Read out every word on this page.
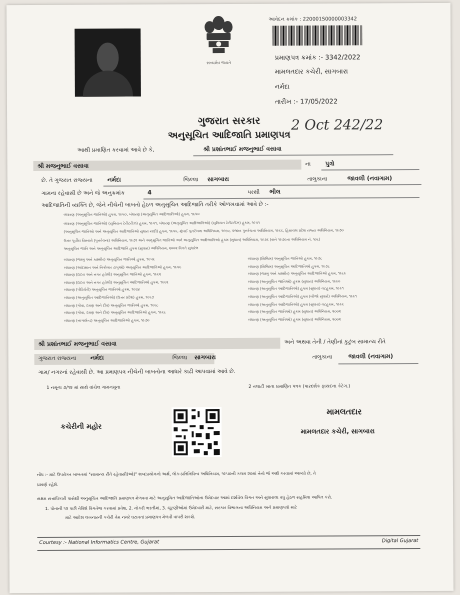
સત્યમેવ જયતે
આવેદન ક્રમાંક : 220001S0000003342
પ્રમાણપત્ર ક્રમાંક :- 3342/2022
મામલતદાર કચેરી, સાગબારા
નર્મદા
તારીખ :- 17/05/2022
ગુજરાત સરકાર
અનુસૂચિત આદિજાતિ પ્રમાણપત્ર
2 Oct 242/22
આથી પ્રમાણિત કરવામાં આવે છે કે,	શ્રી પ્રશાંતભાઈ મજનુભાઈ વસાવા
શ્રી મજનુભાઈ વસાવા	ના પુત્રો
છે. તે ગુજરાત રાજ્યના નર્મદા	જિલ્લા સાગબારા	તાલુકાના	જાવલી (નવાગામ)
ગામના રહેવાસી છે અને જે અનુક્રમાંક	4	પરથી ભીલ
આદિજાતિની વ્યક્તિ છે, જેને નીચેની બાબતો હેઠળ અનુસૂચિત આદિજાતિ તરીકે ઓળખવામાં આવે છે :-
બંધારણ (અનુસૂચિત જાતિઓ) હુકમ, ૧૯૫૦, બંધારણ (અનુસૂચિત આદિજાતિઓ) હુકમ, ૧૯૫૦
બંધારણ (અનુસૂચિત જાતિઓ) (યુનિયન ટેરીટરીઝ) હુકમ, ૧૯૫૧, બંધારણ (અનુસૂચિત આદિજાતિઓ) (યુનિયન ટેરીટરીઝ) હુકમ, ૧૯૫૧
(અનુસૂચિત જાતિઓ અને અનુસૂચિત આદિજાતિઓ સુધારા યાદી) હુકમ, ૧૯૫૬, મુંબઈ પુનર્રચના અધિનિયમ, ૧૯૬૦, પંજાબ પુનર્રચના અધિનિયમ, ૧૯૬૬, હિમાચલ પ્રદેશ રાજ્ય અધિનિયમ, ૧૯૭૦
ઉત્તર પૂર્વીય વિસ્તારો (પુનર્રચના) અધિનિયમ, ૧૯૭૧ અને અનુસૂચિત જાતિઓ અને અનુસૂચિત આદિજાતિઓ હુકમ (સુધારા) અધિનિયમ, ૧૯૭૬ (સને ૧૯૭૬ના અધિનિયમ નં. ૧૦૮)
અનુસૂચિત જાતિ અને અનુસૂચિત આદિજાતિ હુકમ (સુધારા) અધિનિયમ, ૨૦૦૨ વિગતે સુધારેલ
બંધારણ (જમ્મુ અને કાશ્મીર) અનુસૂચિત જાતિઓ હુકમ, ૧૯૫૬
બંધારણ (આંદામાન અને નિકોબાર ટાપુઓ) અનુસૂચિત આદિજાતિઓ હુકમ, ૧૯૫૯
બંધારણ (દાદરા અને નગર હવેલી) અનુસૂચિત જાતિઓ હુકમ, ૧૯૬૨
બંધારણ (દાદરા અને નગર હવેલી) અનુસૂચિત આદિજાતિઓ હુકમ, ૧૯૬૨
બંધારણ (પોંડિચેરી) અનુસૂચિત જાતિઓ હુકમ, ૧૯૬૪
બંધારણ (અનુસૂચિત આદિજાતિઓ) (ઉત્તર પ્રદેશ) હુકમ, ૧૯૬૭
બંધારણ (ગોવા, દમણ અને દીવ) અનુસૂચિત જાતિઓ હુકમ, ૧૯૬૮
બંધારણ (ગોવા, દમણ અને દીવ) અનુસૂચિત આદિજાતિઓ હુકમ, ૧૯૬૮
બંધારણ (નાગાલેન્ડ) અનુસૂચિત આદિજાતિઓ હુકમ, ૧૯૭૦
બંધારણ (સિક્કિમ) અનુસૂચિત જાતિઓ હુકમ, ૧૯૭૮
બંધારણ (સિક્કિમ) અનુસૂચિત આદિજાતિઓ હુકમ, ૧૯૭૮
બંધારણ (જમ્મુ અને કાશ્મીર) અનુસૂચિત આદિજાતિઓ હુકમ, ૧૯૮૯
બંધારણ (અનુસૂચિત જાતિઓ) હુકમ (સુધારા) અધિનિયમ, ૧૯૯૦
બંધારણ (અનુસૂચિત આદિજાતિઓ) હુકમ (સુધારા) વટહુકમ, ૧૯૯૧
બંધારણ (અનુસૂચિત આદિજાતિઓ) હુકમ (બીજો સુધારો) અધિનિયમ, ૧૯૯૧
બંધારણ (અનુસૂચિત આદિજાતિઓ) હુકમ (સુધારા) વટહુકમ, ૧૯૯૬
બંધારણ (અનુસૂચિત જાતિઓ) હુકમ (સુધારા) અધિનિયમ, ૨૦૦૨
બંધારણ (અનુસૂચિત જાતિઓ) હુકમ (સુધારા) અધિનિયમ, ૨૦૦૨
શ્રી પ્રશાંતભાઈ મજનુભાઈ વસાવા	અને અથવા તેની / તેણીનાં કુટુંબ સામાન્ય રીતે
ગુજરાત રાજ્યના નર્મદા	જિલ્લા સાગબારા	તાલુકાના	જાવલી (નવાગામ)
ગામ/ નગરનાં રહેવાસી છે. આ પ્રમાણપત્ર નીચેની બાબતોના આધારે કાઢી આપવામાં આવે છે.
1 નમૂના ૭/૧૨ માં સાથે વાંચેલ ગામનમૂના	2 તલાટી ખાતા પ્રમાણિત પત્રક (પારદર્શક ફાયદના કેટેગ.)
કચેરીની મહોર
મામલતદાર
મામલતદાર કચેરી, સાગબારા
નોંધ :- માટે ઉપરોક્ત બાબતમાં "સામાન્ય રીતે રહેવાસી(ઓ)" શબ્દપ્રયોગનો અર્થ, લોક-પ્રતિનિધિત્વ અધિનિયમ, ૧૯૫૦ની કલમ ૨૦માં તેનો જે અર્થ કરવામાં આવ્યો છે, તે
પ્રમાણે રહેશે.
સક્ષમ સત્તાધિકારી પાસેથી અનુસૂચિત આદિજાતિ પ્રમાણપત્ર મેળવવા માટે અનુસૂચિત આદિજાતિઓના ઉમેદવાર આમાં દર્શાવેલ વિગત અને સુધારાલા વધુ હેઠળ સહમિત્રા આપિત કરો.
1. પોતાની ૧૨ પછી તેવિશે વિગતેજ કરવામાં પ્રવેશ, 2. નોકરી ભરતીમાં, 3. ચૂંટણીઓમાં ઉમેદવારી માટે, સરકાર વિભાગના અધિનિયમ અને પ્રમાણપત્રો માટે
માટે આદેશ લખનારની કચેરી તેમ નમરે ઘટાવતાં પ્રમાણપત્ર મેળવી વાપરી શકશે.
Courtesy :- National Informatics Centre, Gujarat	Digital Gujarat
